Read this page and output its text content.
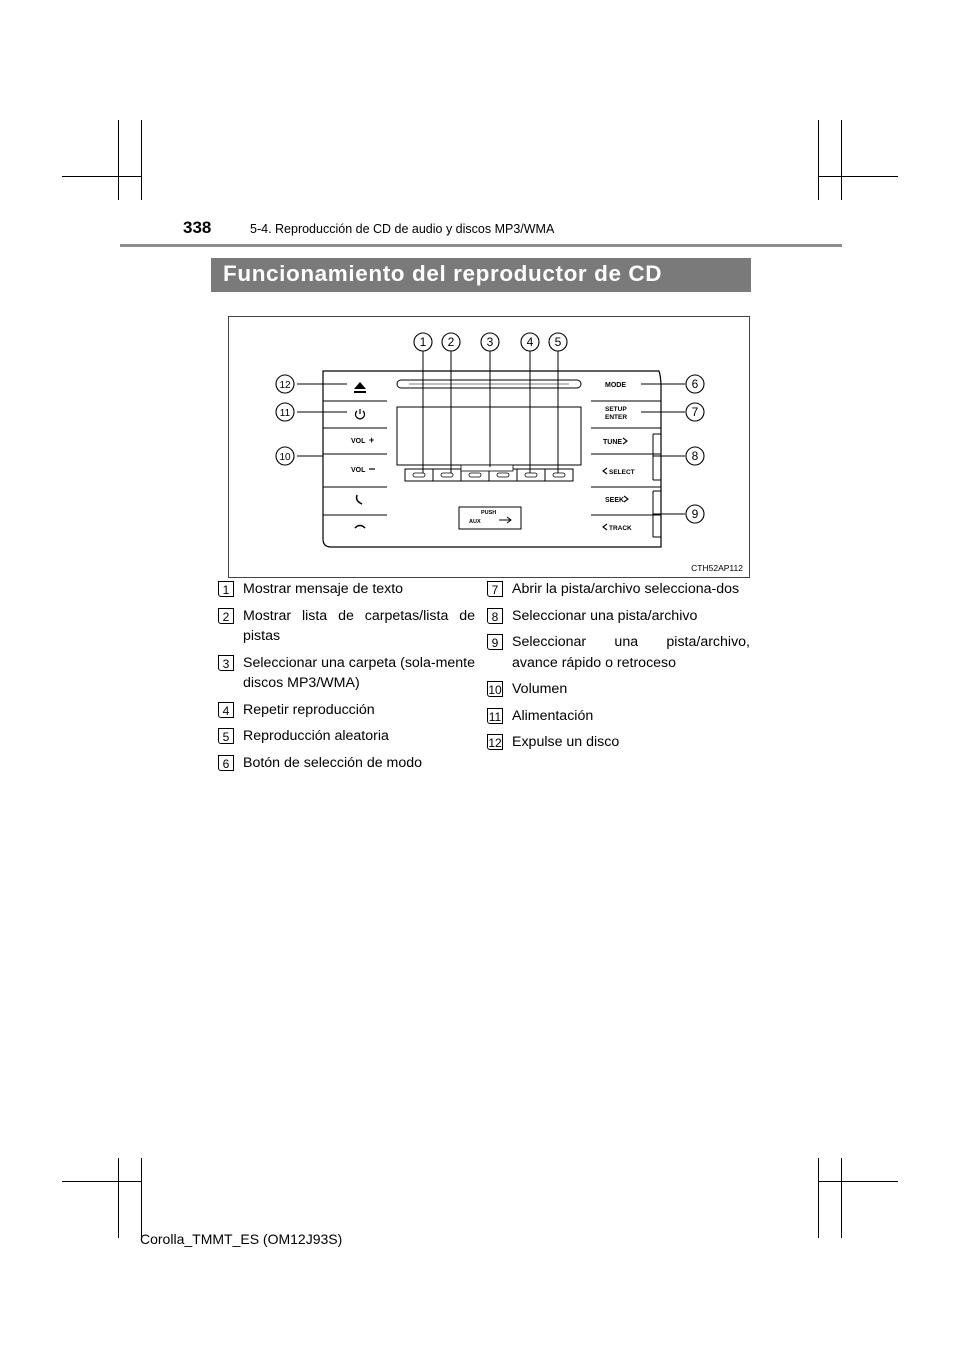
338	5-4. Reproducción de CD de audio y discos MP3/WMA
Funcionamiento del reproductor de CD
VOL +
VOL
PUSH
AUX
MODE
SETUP
ENTER
TUNE
SELECT
SEEK
TRACK
1 2	3	4 5
6
7
8
9
10
11
12
CTH52AP112
1 Mostrar mensaje de texto
2 Mostrar lista de carpetas/lista de pistas
3 Seleccionar una carpeta (sola-mente discos MP3/WMA)
4 Repetir reproducción
5 Reproducción aleatoria
6 Botón de selección de modo
7 Abrir la pista/archivo selecciona-dos
8 Seleccionar una pista/archivo
9 Seleccionar una pista/archivo, avance rápido o retroceso
10 Volumen
11 Alimentación
12 Expulse un disco
Corolla_TMMT_ES (OM12J93S)
